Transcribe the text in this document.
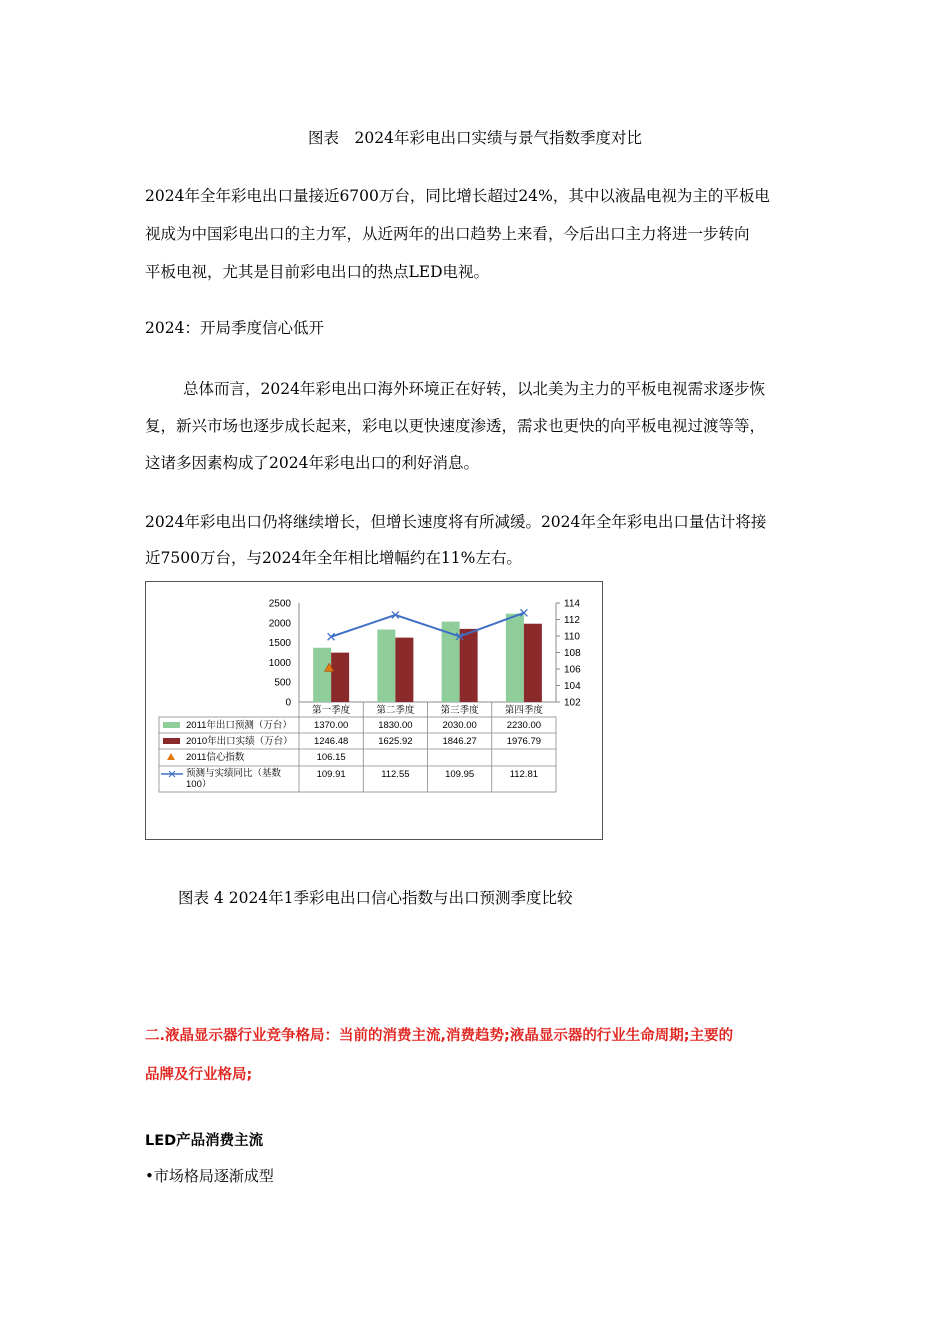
图表　2024年彩电出口实绩与景气指数季度对比
2024年全年彩电出口量接近6700万台，同比增长超过24%，其中以液晶电视为主的平板电
视成为中国彩电出口的主力军，从近两年的出口趋势上来看，今后出口主力将进一步转向
平板电视，尤其是目前彩电出口的热点LED电视。
2024：开局季度信心低开
总体而言，2024年彩电出口海外环境正在好转，以北美为主力的平板电视需求逐步恢
复，新兴市场也逐步成长起来，彩电以更快速度渗透，需求也更快的向平板电视过渡等等，
这诸多因素构成了2024年彩电出口的利好消息。
2024年彩电出口仍将继续增长，但增长速度将有所减缓。2024年全年彩电出口量估计将接
近7500万台，与2024年全年相比增幅约在11%左右。
0
500
1000
1500
2000
2500
102
104
106
108
110
112
114
第一季度	第二季度	第三季度	第四季度
2011年出口预测（万台） 1370.00	1830.00	2030.00	2230.00
2010年出口实绩（万台） 1246.48	1625.92	1846.27	1976.79
2011信心指数	106.15
预测与实绩同比（基数
100）
109.91	112.55	109.95	112.81
图表 4 2024年1季彩电出口信心指数与出口预测季度比较
二.液晶显示器行业竞争格局：当前的消费主流,消费趋势;液晶显示器的行业生命周期;主要的
品牌及行业格局;
LED产品消费主流
•市场格局逐渐成型
